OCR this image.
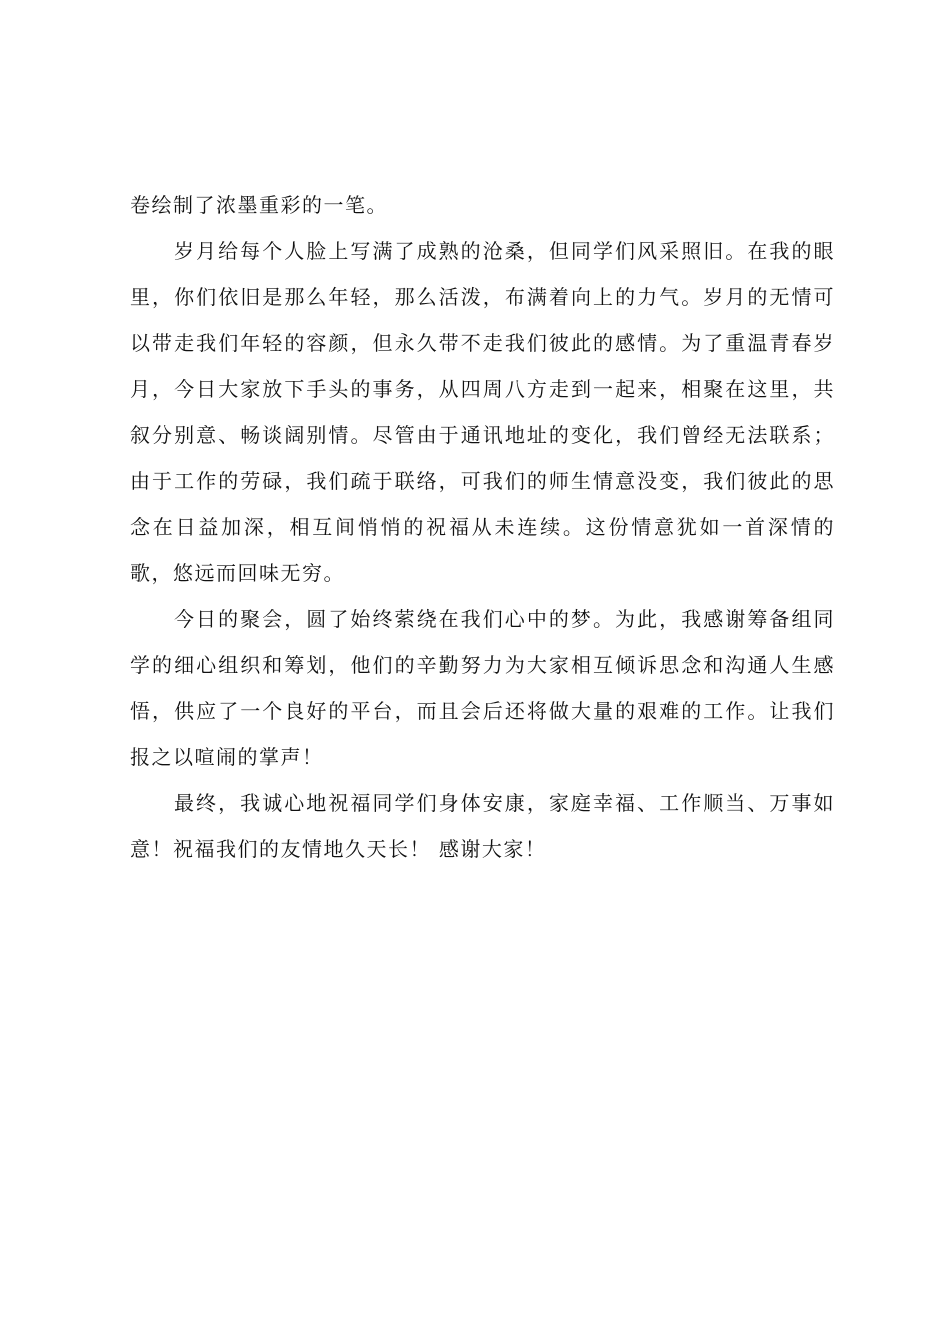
卷绘制了浓墨重彩的一笔。

岁月给每个人脸上写满了成熟的沧桑，但同学们风采照旧。在我的眼里，你们依旧是那么年轻，那么活泼，布满着向上的力气。岁月的无情可以带走我们年轻的容颜，但永久带不走我们彼此的感情。为了重温青春岁月，今日大家放下手头的事务，从四周八方走到一起来，相聚在这里，共叙分别意、畅谈阔别情。尽管由于通讯地址的变化，我们曾经无法联系；由于工作的劳碌，我们疏于联络，可我们的师生情意没变，我们彼此的思念在日益加深，相互间悄悄的祝福从未连续。这份情意犹如一首深情的歌，悠远而回味无穷。

今日的聚会，圆了始终萦绕在我们心中的梦。为此，我感谢筹备组同学的细心组织和筹划，他们的辛勤努力为大家相互倾诉思念和沟通人生感悟，供应了一个良好的平台，而且会后还将做大量的艰难的工作。让我们报之以喧闹的掌声！

最终，我诚心地祝福同学们身体安康，家庭幸福、工作顺当、万事如意！祝福我们的友情地久天长！ 感谢大家！
